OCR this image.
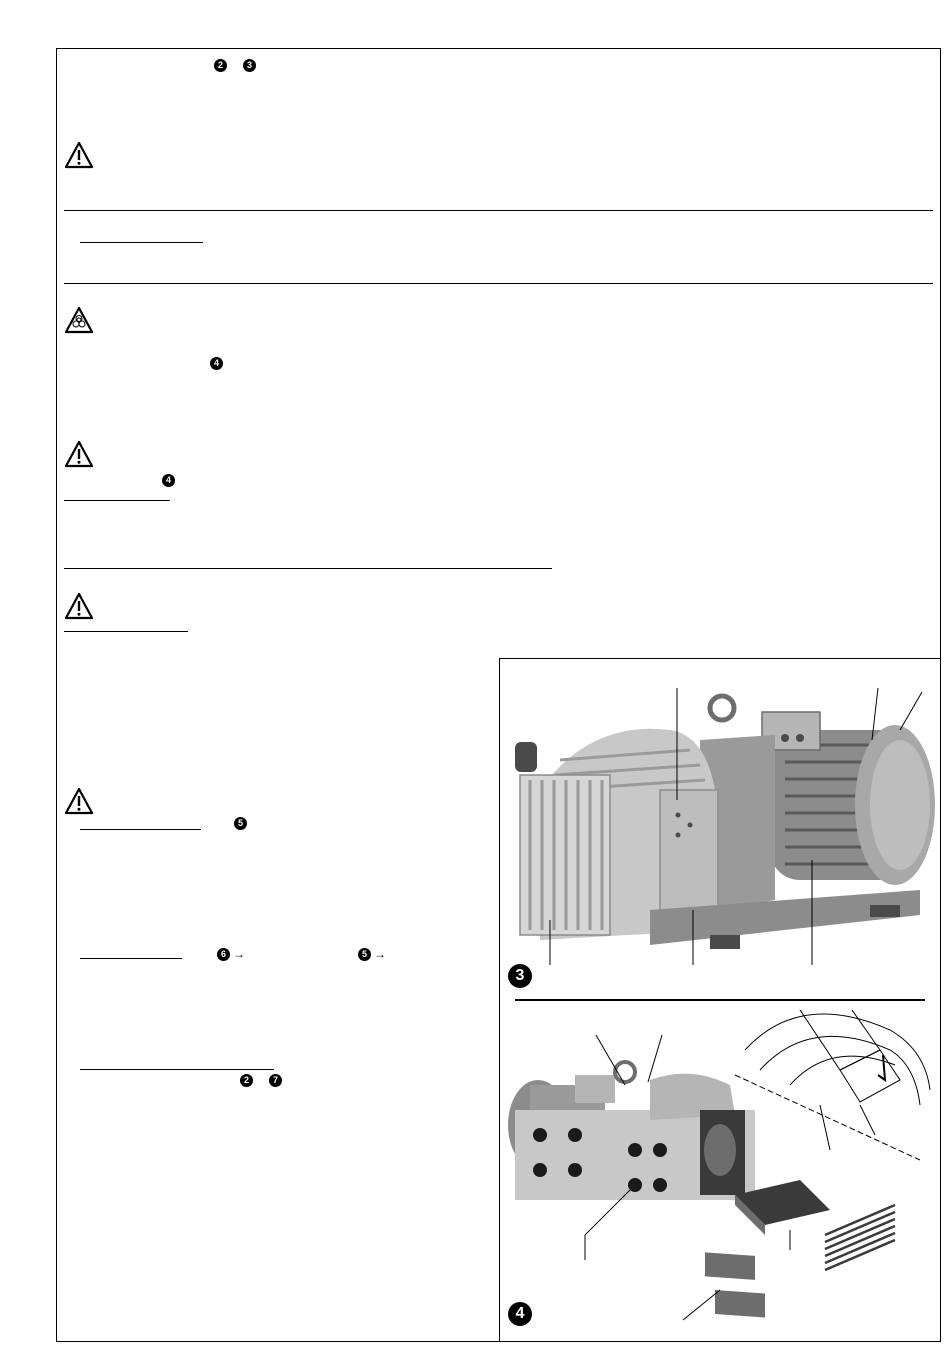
2	3
4
4
5
6 →	5 →
2	7
3
4
